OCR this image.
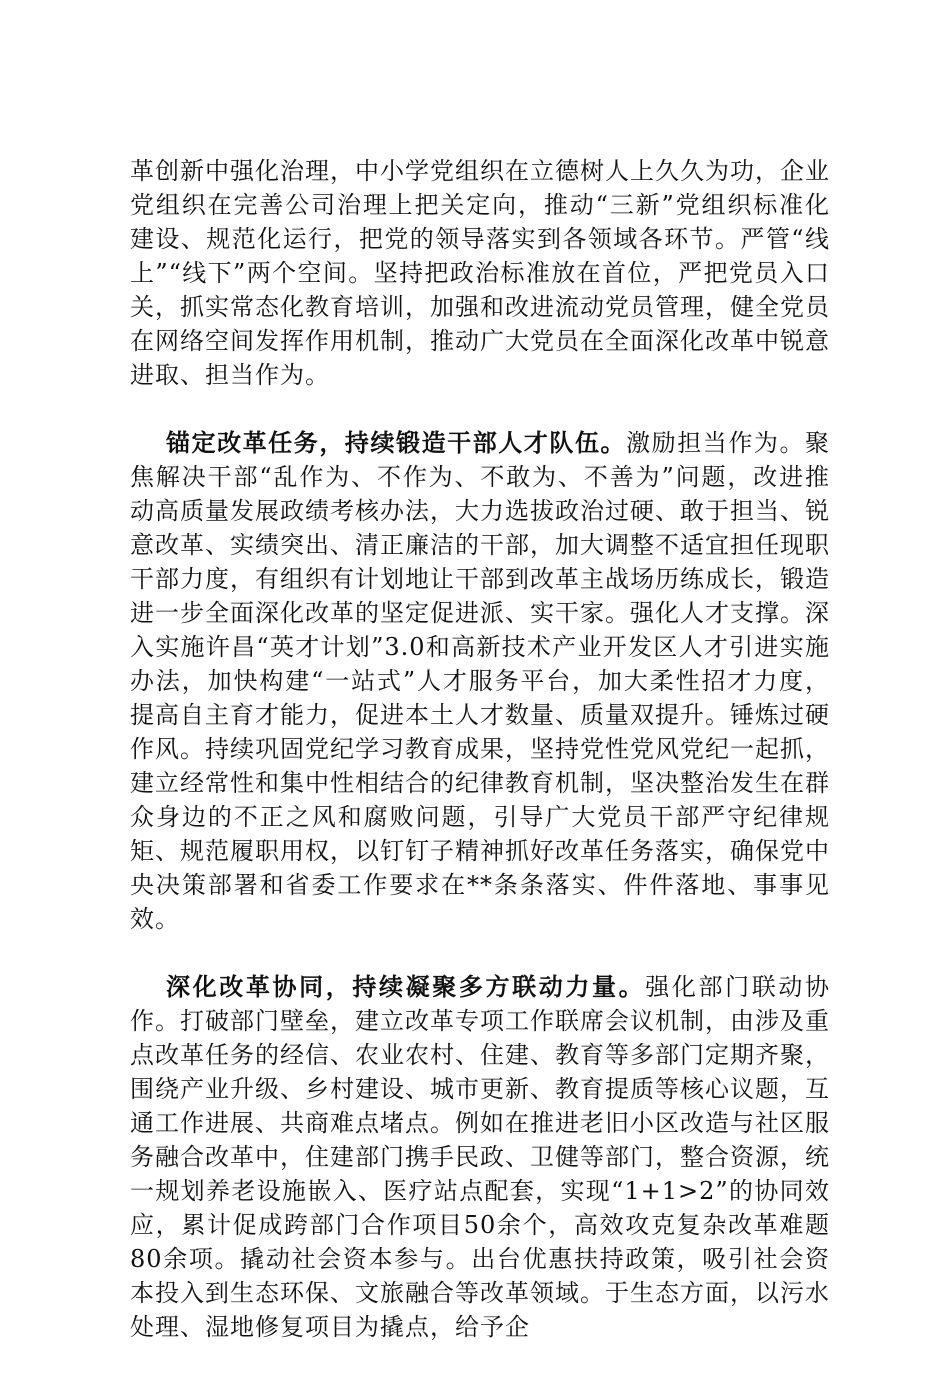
革创新中强化治理，中小学党组织在立德树人上久久为功，企业党组织在完善公司治理上把关定向，推动“三新”党组织标准化建设、规范化运行，把党的领导落实到各领域各环节。严管“线上”“线下”两个空间。坚持把政治标准放在首位，严把党员入口关，抓实常态化教育培训，加强和改进流动党员管理，健全党员在网络空间发挥作用机制，推动广大党员在全面深化改革中锐意进取、担当作为。

锚定改革任务，持续锻造干部人才队伍。激励担当作为。聚焦解决干部“乱作为、不作为、不敢为、不善为”问题，改进推动高质量发展政绩考核办法，大力选拔政治过硬、敢于担当、锐意改革、实绩突出、清正廉洁的干部，加大调整不适宜担任现职干部力度，有组织有计划地让干部到改革主战场历练成长，锻造进一步全面深化改革的坚定促进派、实干家。强化人才支撑。深入实施许昌“英才计划”3.0和高新技术产业开发区人才引进实施办法，加快构建“一站式”人才服务平台，加大柔性招才力度，提高自主育才能力，促进本土人才数量、质量双提升。锤炼过硬作风。持续巩固党纪学习教育成果，坚持党性党风党纪一起抓，建立经常性和集中性相结合的纪律教育机制，坚决整治发生在群众身边的不正之风和腐败问题，引导广大党员干部严守纪律规矩、规范履职用权，以钉钉子精神抓好改革任务落实，确保党中央决策部署和省委工作要求在**条条落实、件件落地、事事见效。

深化改革协同，持续凝聚多方联动力量。强化部门联动协作。打破部门壁垒，建立改革专项工作联席会议机制，由涉及重点改革任务的经信、农业农村、住建、教育等多部门定期齐聚，围绕产业升级、乡村建设、城市更新、教育提质等核心议题，互通工作进展、共商难点堵点。例如在推进老旧小区改造与社区服务融合改革中，住建部门携手民政、卫健等部门，整合资源，统一规划养老设施嵌入、医疗站点配套，实现“1+1>2”的协同效应，累计促成跨部门合作项目50余个，高效攻克复杂改革难题80余项。撬动社会资本参与。出台优惠扶持政策，吸引社会资本投入到生态环保、文旅融合等改革领域。于生态方面，以污水处理、湿地修复项目为撬点，给予企
